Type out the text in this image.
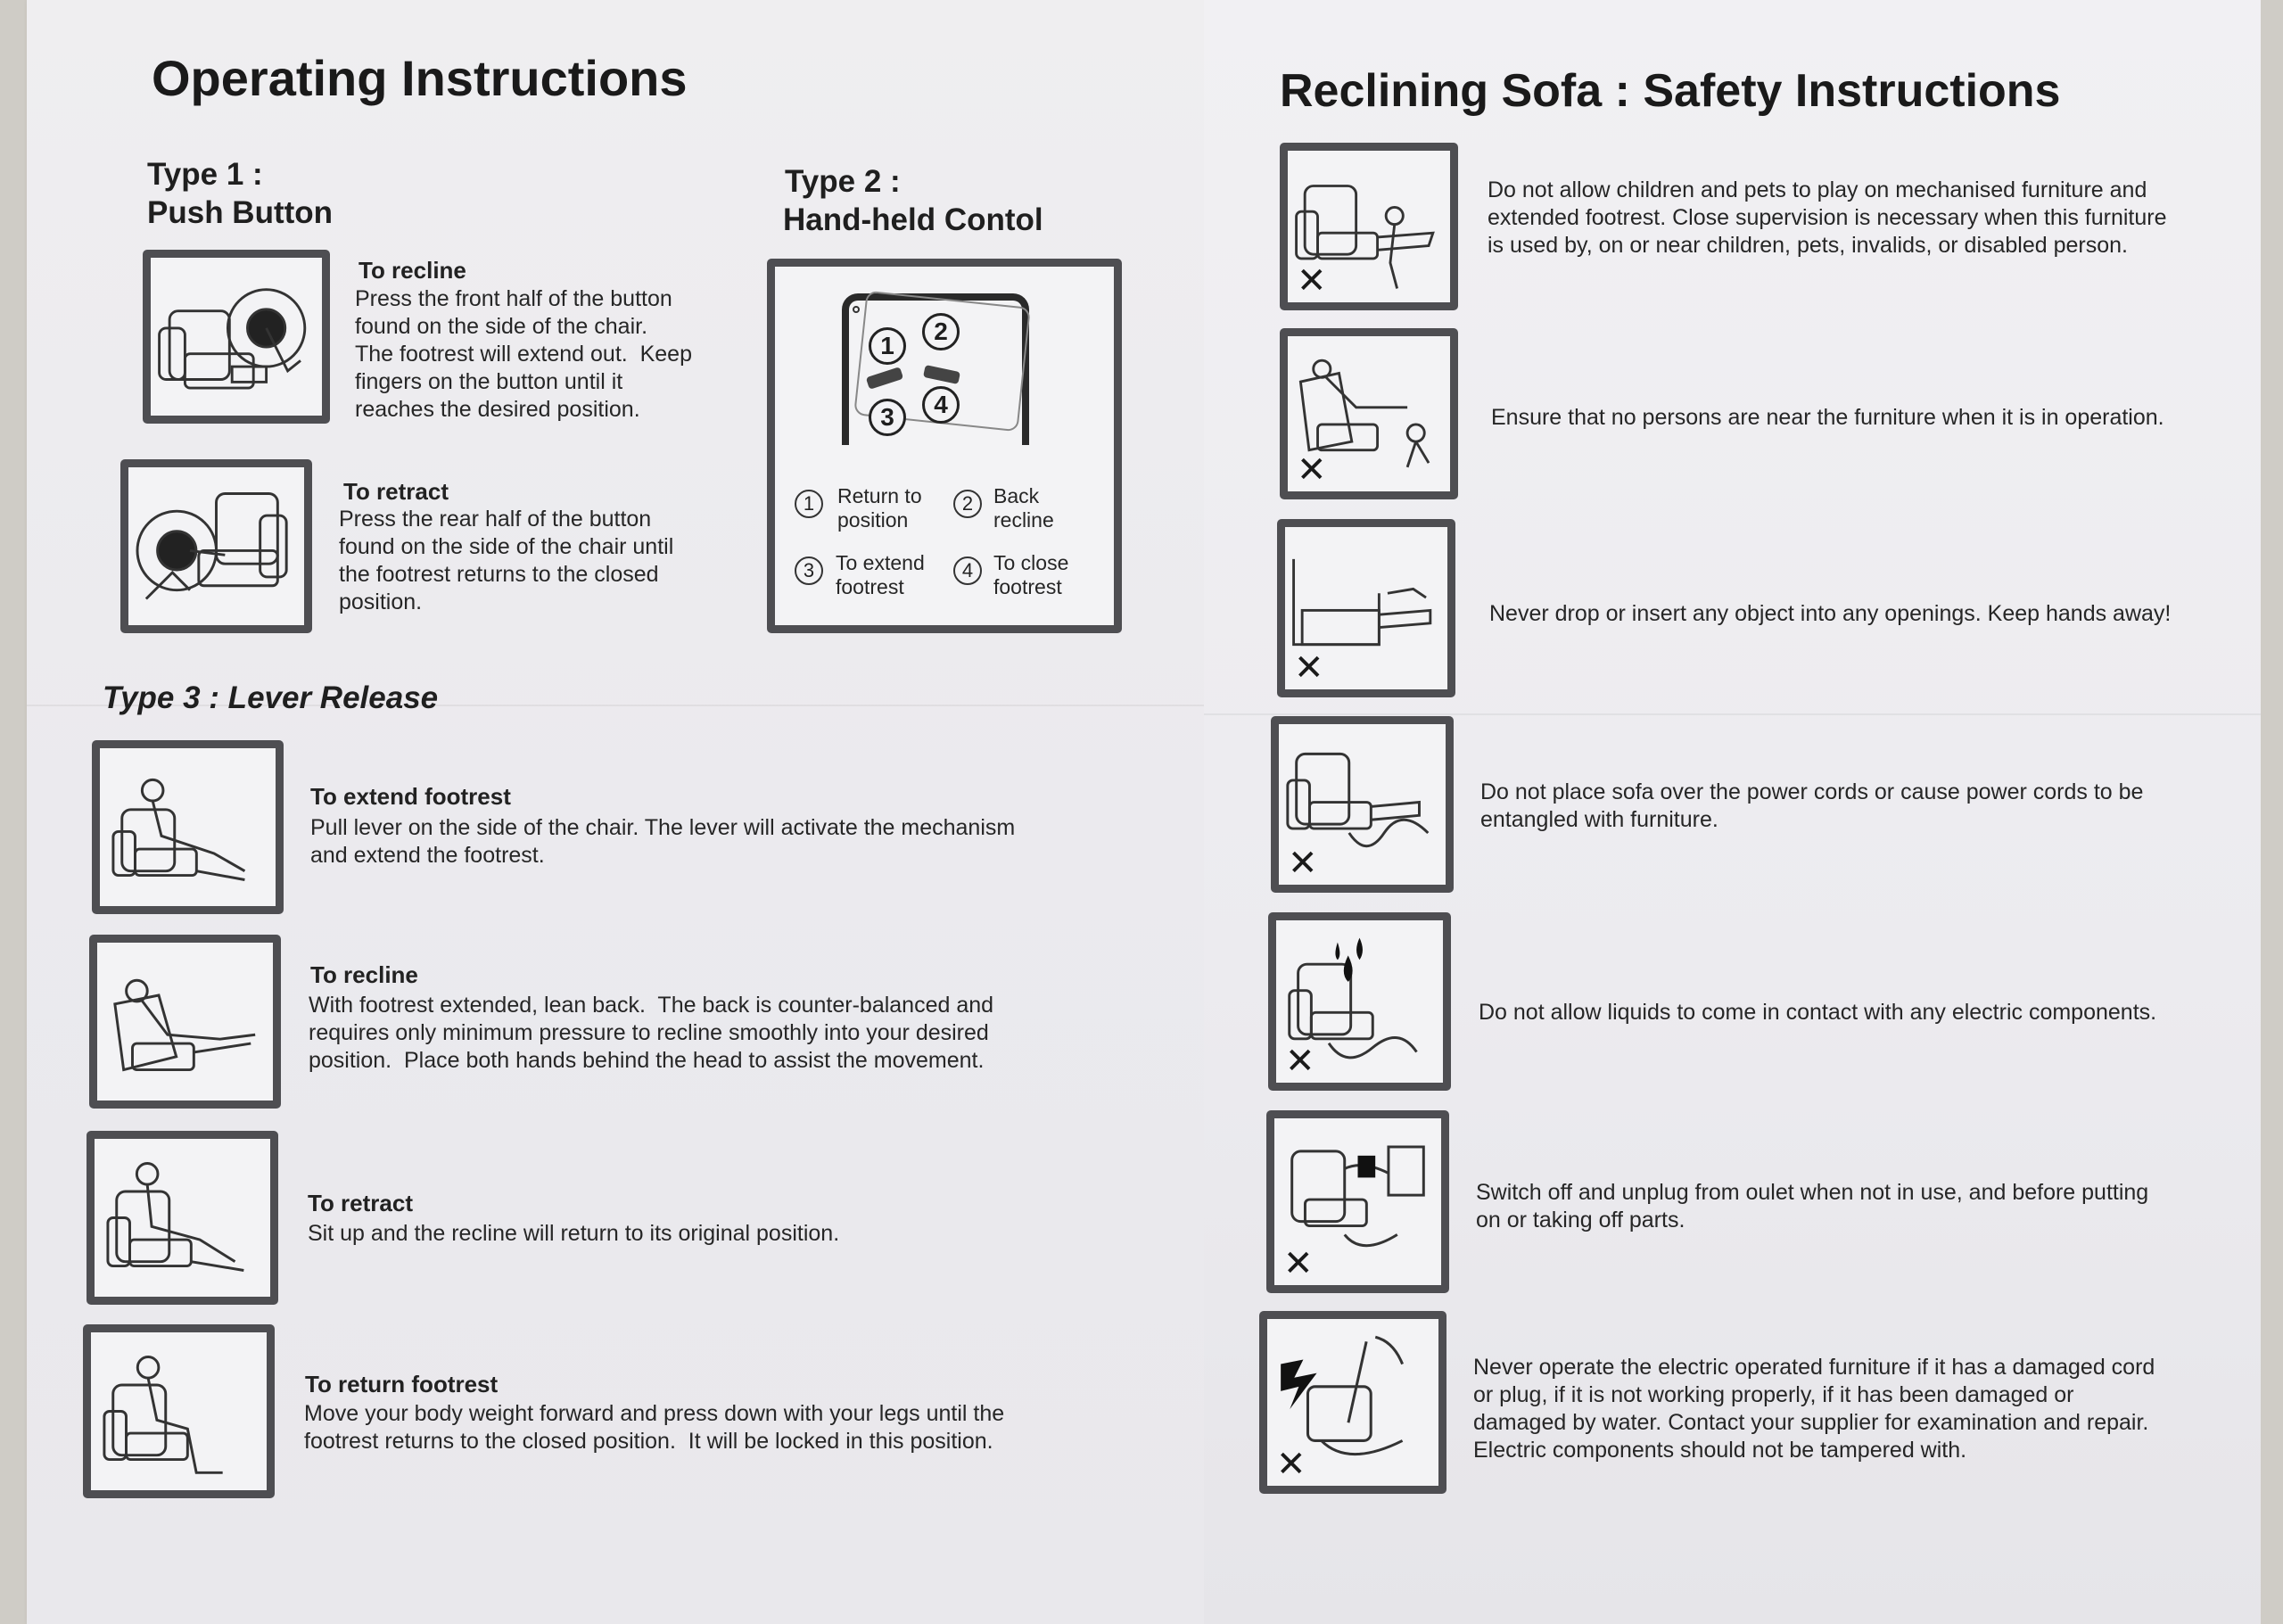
Operating Instructions
Type 1 :
Push Button
To recline
Press the front half of the button
found on the side of the chair.
The footrest will extend out.  Keep
fingers on the button until it
reaches the desired position.
To retract
Press the rear half of the button
found on the side of the chair until
the footrest returns to the closed
position.
Type 2 :
Hand-held Contol
1
2
3	4
1	Return to
position
2 Back
recline
3	To extend
footrest
4 To close
footrest
Type 3 : Lever Release
To extend footrest
Pull lever on the side of the chair. The lever will activate the mechanism
and extend the footrest.
To recline
With footrest extended, lean back.  The back is counter-balanced and
requires only minimum pressure to recline smoothly into your desired
position.  Place both hands behind the head to assist the movement.
To retract
Sit up and the recline will return to its original position.
To return footrest
Move your body weight forward and press down with your legs until the
footrest returns to the closed position.  It will be locked in this position.
Reclining Sofa : Safety Instructions
✕
Do not allow children and pets to play on mechanised furniture and
extended footrest. Close supervision is necessary when this furniture
is used by, on or near children, pets, invalids, or disabled person.
✕
Ensure that no persons are near the furniture when it is in operation.
✕
Never drop or insert any object into any openings. Keep hands away!
✕
Do not place sofa over the power cords or cause power cords to be
entangled with furniture.
✕
Do not allow liquids to come in contact with any electric components.
✕
Switch off and unplug from oulet when not in use, and before putting
on or taking off parts.
✕
Never operate the electric operated furniture if it has a damaged cord
or plug, if it is not working properly, if it has been damaged or
damaged by water. Contact your supplier for examination and repair.
Electric components should not be tampered with.
